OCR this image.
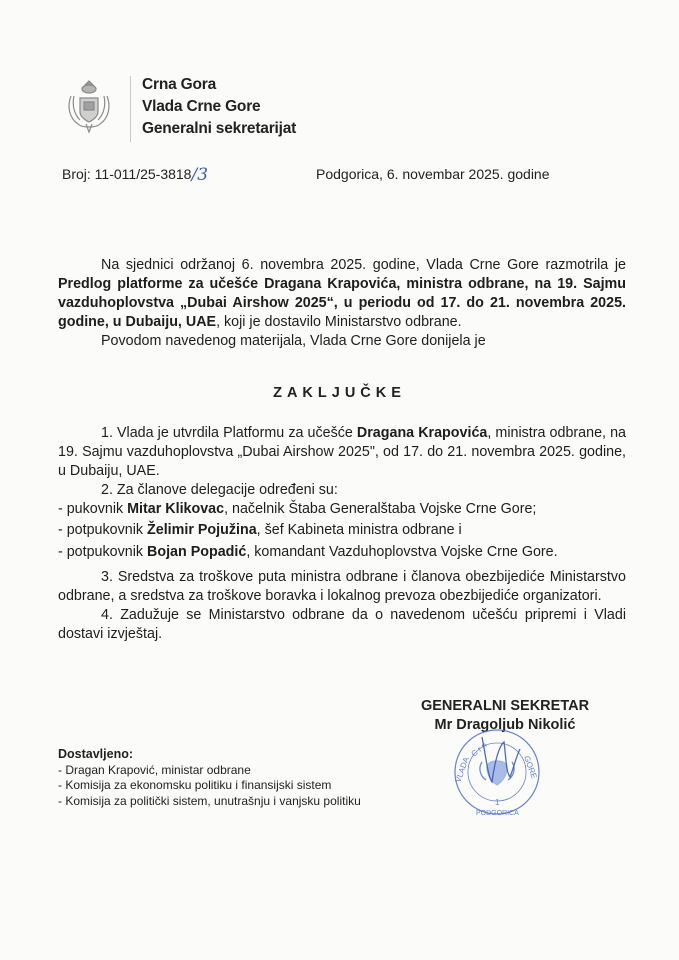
Crna Gora
Vlada Crne Gore
Generalni sekretarijat
Broj: 11-011/25-3818/3	Podgorica, 6. novembar 2025. godine

Na sjednici održanoj 6. novembra 2025. godine, Vlada Crne Gore razmotrila je Predlog platforme za učešće Dragana Krapovića, ministra odbrane, na 19. Sajmu vazduhoplovstva „Dubai Airshow 2025“, u periodu od 17. do 21. novembra 2025. godine, u Dubaiju, UAE, koji je dostavilo Ministarstvo odbrane.

Povodom navedenog materijala, Vlada Crne Gore donijela je

ZAKLJUČKE

1. Vlada je utvrdila Platformu za učešće Dragana Krapovića, ministra odbrane, na 19. Sajmu vazduhoplovstva „Dubai Airshow 2025", od 17. do 21. novembra 2025. godine, u Dubaiju, UAE.

2. Za članove delegacije određeni su:

- pukovnik Mitar Klikovac, načelnik Štaba Generalštaba Vojske Crne Gore;

- potpukovnik Želimir Pojužina, šef Kabineta ministra odbrane i

- potpukovnik Bojan Popadić, komandant Vazduhoplovstva Vojske Crne Gore.

3. Sredstva za troškove puta ministra odbrane i članova obezbijediće Ministarstvo odbrane, a sredstva za troškove boravka i lokalnog prevoza obezbijediće organizatori.

4. Zadužuje se Ministarstvo odbrane da o navedenom učešću pripremi i Vladi dostavi izvještaj.

GENERALNI SEKRETAR
Mr Dragoljub Nikolić
C r n
VLADA	GORE
1
PODGORICA
Dostavljeno:
- Dragan Krapović, ministar odbrane
- Komisija za ekonomsku politiku i finansijski sistem
- Komisija za politički sistem, unutrašnju i vanjsku politiku
